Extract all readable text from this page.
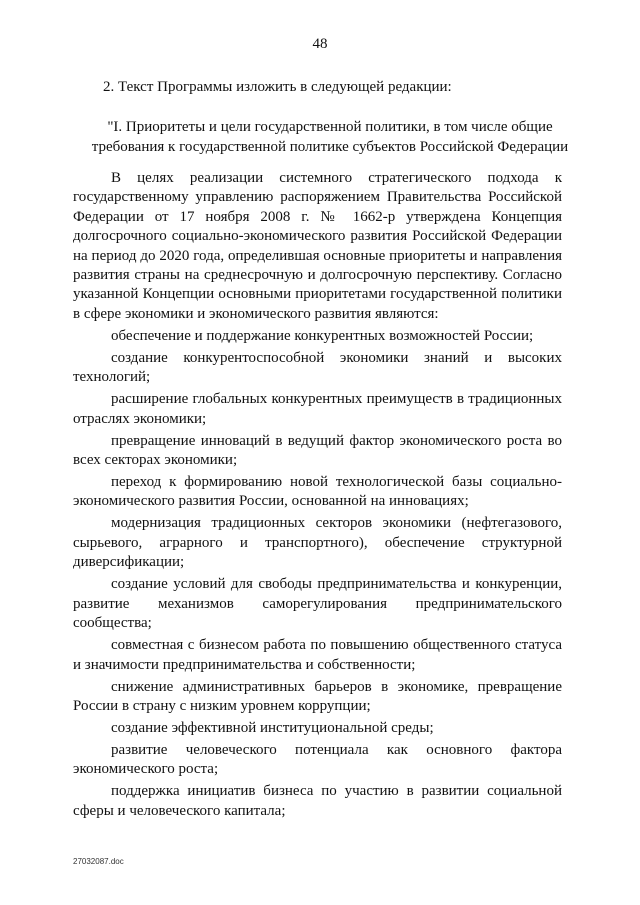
48
2. Текст Программы изложить в следующей редакции:
"I. Приоритеты и цели государственной политики, в том числе общие
требования к государственной политике субъектов Российской Федерации

В целях реализации системного стратегического подхода к государственному управлению распоряжением Правительства Российской Федерации от 17 ноября 2008 г. № 1662-р утверждена Концепция долгосрочного социально-экономического развития Российской Федерации на период до 2020 года, определившая основные приоритеты и направления развития страны на среднесрочную и долгосрочную перспективу. Согласно указанной Концепции основными приоритетами государственной политики в сфере экономики и экономического развития являются:

обеспечение и поддержание конкурентных возможностей России;

создание конкурентоспособной экономики знаний и высоких технологий;

расширение глобальных конкурентных преимуществ в традиционных отраслях экономики;

превращение инноваций в ведущий фактор экономического роста во всех секторах экономики;

переход к формированию новой технологической базы социально-экономического развития России, основанной на инновациях;

модернизация традиционных секторов экономики (нефтегазового, сырьевого, аграрного и транспортного), обеспечение структурной диверсификации;

создание условий для свободы предпринимательства и конкуренции, развитие механизмов саморегулирования предпринимательского сообщества;

совместная с бизнесом работа по повышению общественного статуса и значимости предпринимательства и собственности;

снижение административных барьеров в экономике, превращение России в страну с низким уровнем коррупции;

создание эффективной институциональной среды;

развитие человеческого потенциала как основного фактора экономического роста;

поддержка инициатив бизнеса по участию в развитии социальной сферы и человеческого капитала;

27032087.doc
